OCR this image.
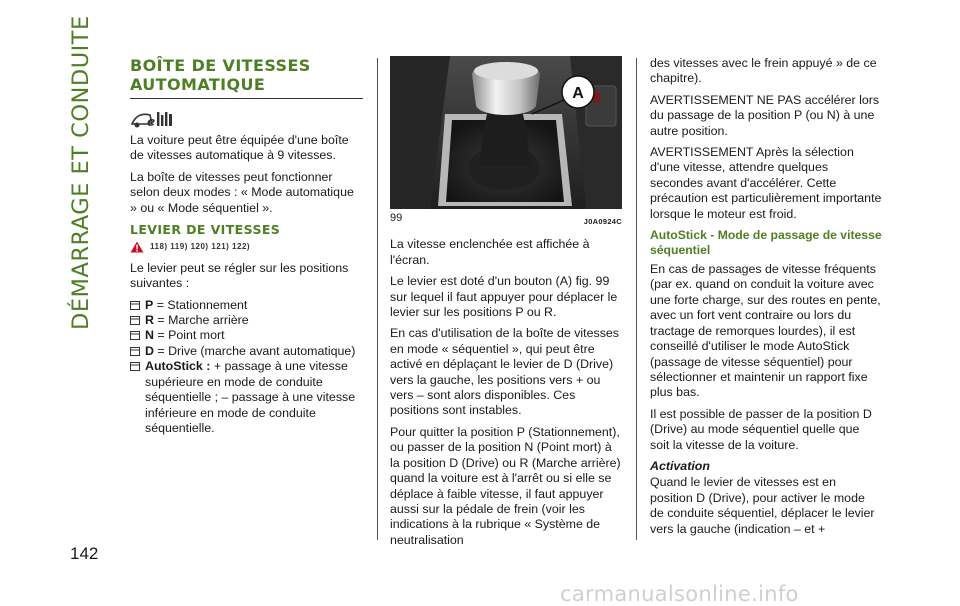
DÉMARRAGE ET CONDUITE
142
BOÎTE DE VITESSES AUTOMATIQUE
e

La voiture peut être équipée d'une boîte de vitesses automatique à 9 vitesses.

La boîte de vitesses peut fonctionner selon deux modes : « Mode automatique » ou « Mode séquentiel ».

LEVIER DE VITESSES
118) 119) 120) 121) 122)

Le levier peut se régler sur les positions suivantes :

P = Stationnement
R = Marche arrière
N = Point mort
D = Drive (marche avant automatique)
AutoStick : + passage à une vitesse supérieure en mode de conduite séquentielle ; – passage à une vitesse inférieure en mode de conduite séquentielle.
A
99	J0A0924C

La vitesse enclenchée est affichée à l'écran.

Le levier est doté d'un bouton (A) fig. 99 sur lequel il faut appuyer pour déplacer le levier sur les positions P ou R.

En cas d'utilisation de la boîte de vitesses en mode « séquentiel », qui peut être activé en déplaçant le levier de D (Drive) vers la gauche, les positions vers + ou vers – sont alors disponibles. Ces positions sont instables.

Pour quitter la position P (Stationnement), ou passer de la position N (Point mort) à la position D (Drive) ou R (Marche arrière) quand la voiture est à l'arrêt ou si elle se déplace à faible vitesse, il faut appuyer aussi sur la pédale de frein (voir les indications à la rubrique « Système de neutralisation

des vitesses avec le frein appuyé » de ce chapitre).

AVERTISSEMENT NE PAS accélérer lors du passage de la position P (ou N) à une autre position.

AVERTISSEMENT Après la sélection d'une vitesse, attendre quelques secondes avant d'accélérer. Cette précaution est particulièrement importante lorsque le moteur est froid.

AutoStick - Mode de passage de vitesse séquentiel

En cas de passages de vitesse fréquents (par ex. quand on conduit la voiture avec une forte charge, sur des routes en pente, avec un fort vent contraire ou lors du tractage de remorques lourdes), il est conseillé d'utiliser le mode AutoStick (passage de vitesse séquentiel) pour sélectionner et maintenir un rapport fixe plus bas.

Il est possible de passer de la position D (Drive) au mode séquentiel quelle que soit la vitesse de la voiture.

Activation

Quand le levier de vitesses est en position D (Drive), pour activer le mode de conduite séquentiel, déplacer le levier vers la gauche (indication – et +

carmanualsonline.info
